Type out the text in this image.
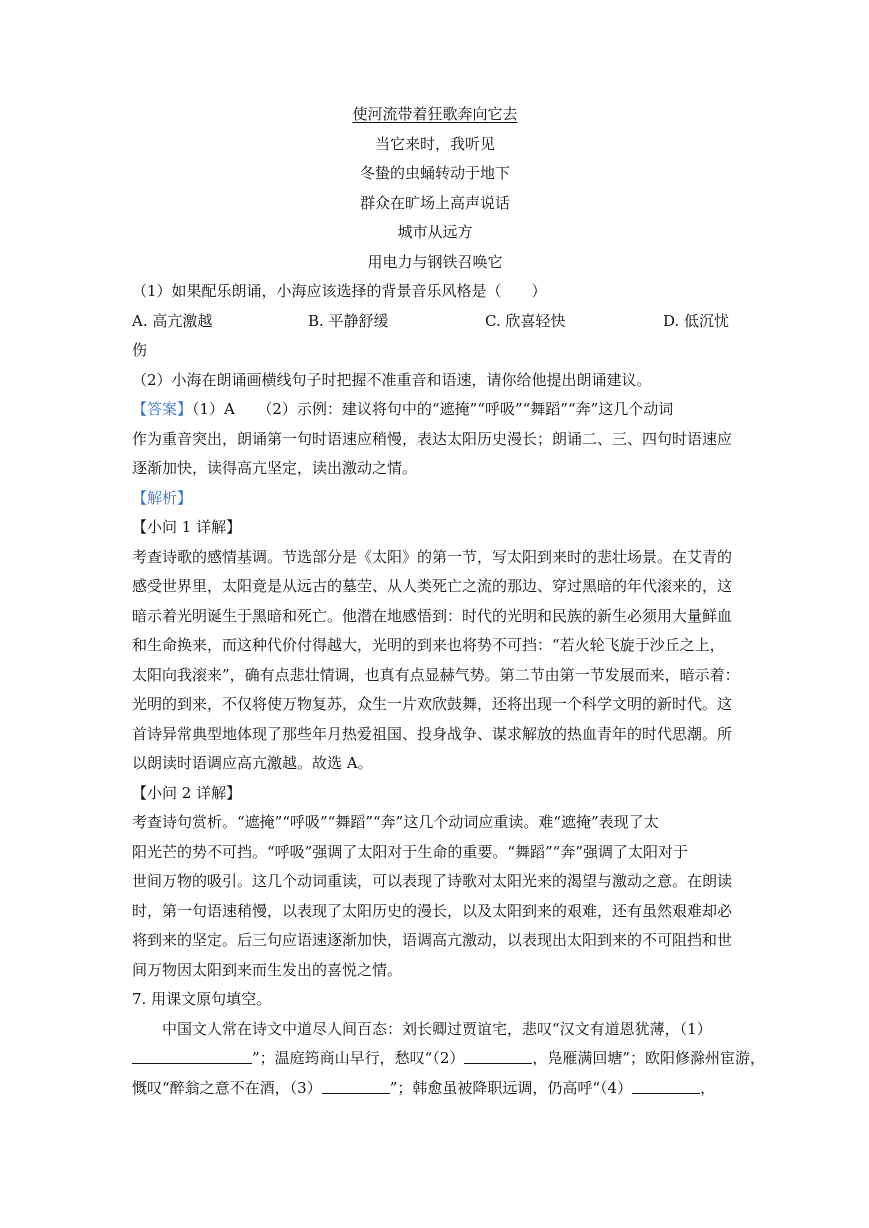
使河流带着狂歌奔向它去
当它来时，我听见
冬蛰的虫蛹转动于地下
群众在旷场上高声说话
城市从远方
用电力与钢铁召唤它
（1）如果配乐朗诵，小海应该选择的背景音乐风格是（　　）
A. 高亢激越	B. 平静舒缓	C. 欣喜轻快	D. 低沉忧
伤
（2）小海在朗诵画横线句子时把握不准重音和语速，请你给他提出朗诵建议。
【答案】（1）A　　（2）示例：建议将句中的“遮掩”“呼吸”“舞蹈”“奔”这几个动词
作为重音突出，朗诵第一句时语速应稍慢，表达太阳历史漫长；朗诵二、三、四句时语速应
逐渐加快，读得高亢坚定，读出激动之情。
【解析】
【小问 1 详解】
考查诗歌的感情基调。节选部分是《太阳》的第一节，写太阳到来时的悲壮场景。在艾青的
感受世界里，太阳竟是从远古的墓茔、从人类死亡之流的那边、穿过黑暗的年代滚来的，这
暗示着光明诞生于黑暗和死亡。他潜在地感悟到：时代的光明和民族的新生必须用大量鲜血
和生命换来，而这种代价付得越大，光明的到来也将势不可挡：“若火轮飞旋于沙丘之上，
太阳向我滚来”，确有点悲壮情调，也真有点显赫气势。第二节由第一节发展而来，暗示着：
光明的到来，不仅将使万物复苏，众生一片欢欣鼓舞，还将出现一个科学文明的新时代。这
首诗异常典型地体现了那些年月热爱祖国、投身战争、谋求解放的热血青年的时代思潮。所
以朗读时语调应高亢激越。故选 A。
【小问 2 详解】
考查诗句赏析。“遮掩”“呼吸”“舞蹈”“奔”这几个动词应重读。难“遮掩”表现了太
阳光芒的势不可挡。“呼吸”强调了太阳对于生命的重要。“舞蹈”“奔”强调了太阳对于
世间万物的吸引。这几个动词重读，可以表现了诗歌对太阳光来的渴望与激动之意。在朗读
时，第一句语速稍慢，以表现了太阳历史的漫长，以及太阳到来的艰难，还有虽然艰难却必
将到来的坚定。后三句应语速逐渐加快，语调高亢激动，以表现出太阳到来的不可阻挡和世
间万物因太阳到来而生发出的喜悦之情。
7. 用课文原句填空。
中国文人常在诗文中道尽人间百态：刘长卿过贾谊宅，悲叹“汉文有道恩犹薄，（1）
”；温庭筠商山早行，愁叹“（2）	，凫雁满回塘”；欧阳修滁州宦游，
慨叹“醉翁之意不在酒，（3）	”；韩愈虽被降职远调，仍高呼“（4）	，
